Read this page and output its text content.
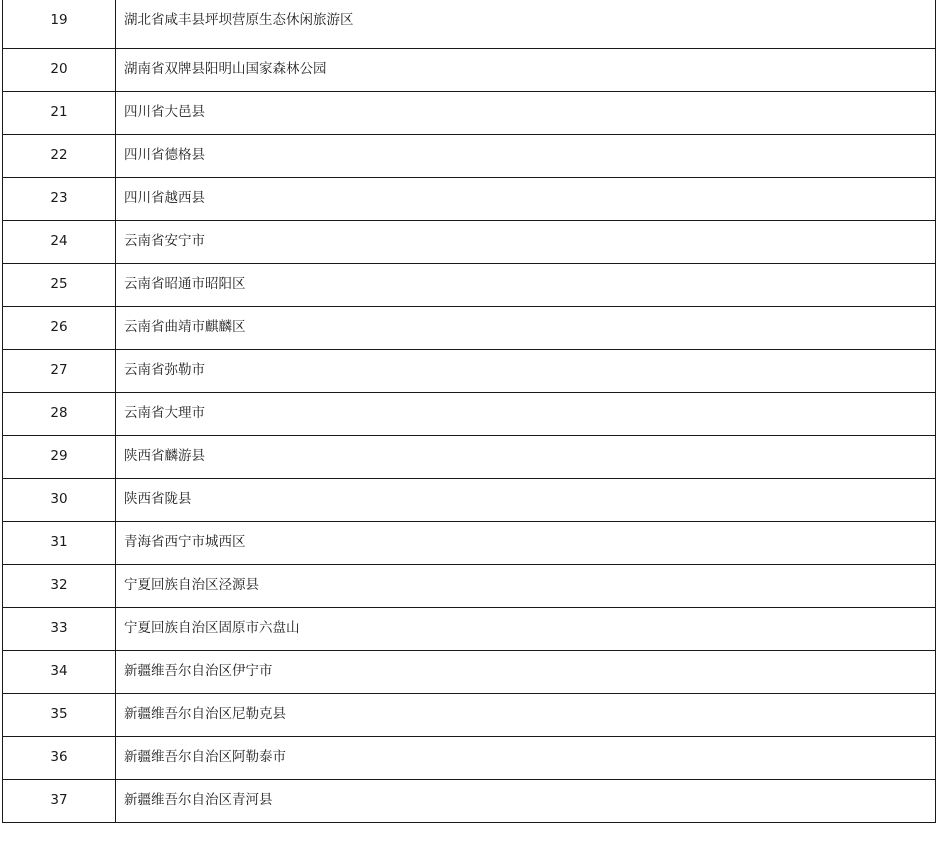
19	湖北省咸丰县坪坝营原生态休闲旅游区
20	湖南省双牌县阳明山国家森林公园
21	四川省大邑县
22	四川省德格县
23	四川省越西县
24	云南省安宁市
25	云南省昭通市昭阳区
26	云南省曲靖市麒麟区
27	云南省弥勒市
28	云南省大理市
29	陕西省麟游县
30	陕西省陇县
31	青海省西宁市城西区
32	宁夏回族自治区泾源县
33	宁夏回族自治区固原市六盘山
34	新疆维吾尔自治区伊宁市
35	新疆维吾尔自治区尼勒克县
36	新疆维吾尔自治区阿勒泰市
37	新疆维吾尔自治区青河县
